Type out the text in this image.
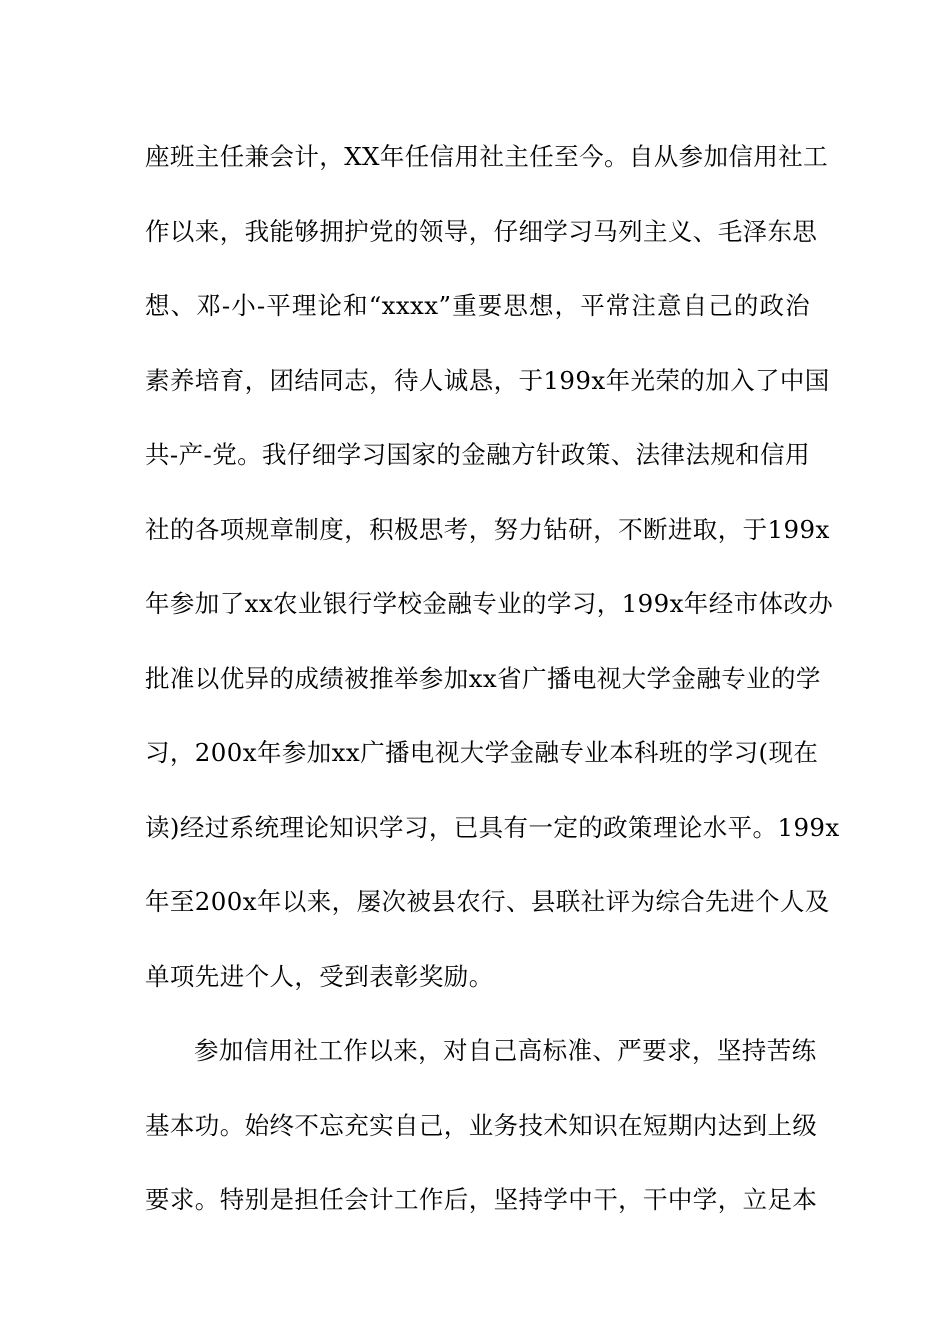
座班主任兼会计，XX年任信用社主任至今。自从参加信用社工
作以来，我能够拥护党的领导，仔细学习马列主义、毛泽东思
想、邓-小-平理论和“xxxx”重要思想，平常注意自己的政治
素养培育，团结同志，待人诚恳，于199x年光荣的加入了中国
共-产-党。我仔细学习国家的金融方针政策、法律法规和信用
社的各项规章制度，积极思考，努力钻研，不断进取，于199x
年参加了xx农业银行学校金融专业的学习，199x年经市体改办
批准以优异的成绩被推举参加xx省广播电视大学金融专业的学
习，200x年参加xx广播电视大学金融专业本科班的学习(现在
读)经过系统理论知识学习，已具有一定的政策理论水平。199x
年至200x年以来，屡次被县农行、县联社评为综合先进个人及
单项先进个人，受到表彰奖励。
参加信用社工作以来，对自己高标准、严要求，坚持苦练
基本功。始终不忘充实自己，业务技术知识在短期内达到上级
要求。特别是担任会计工作后，坚持学中干，干中学，立足本
